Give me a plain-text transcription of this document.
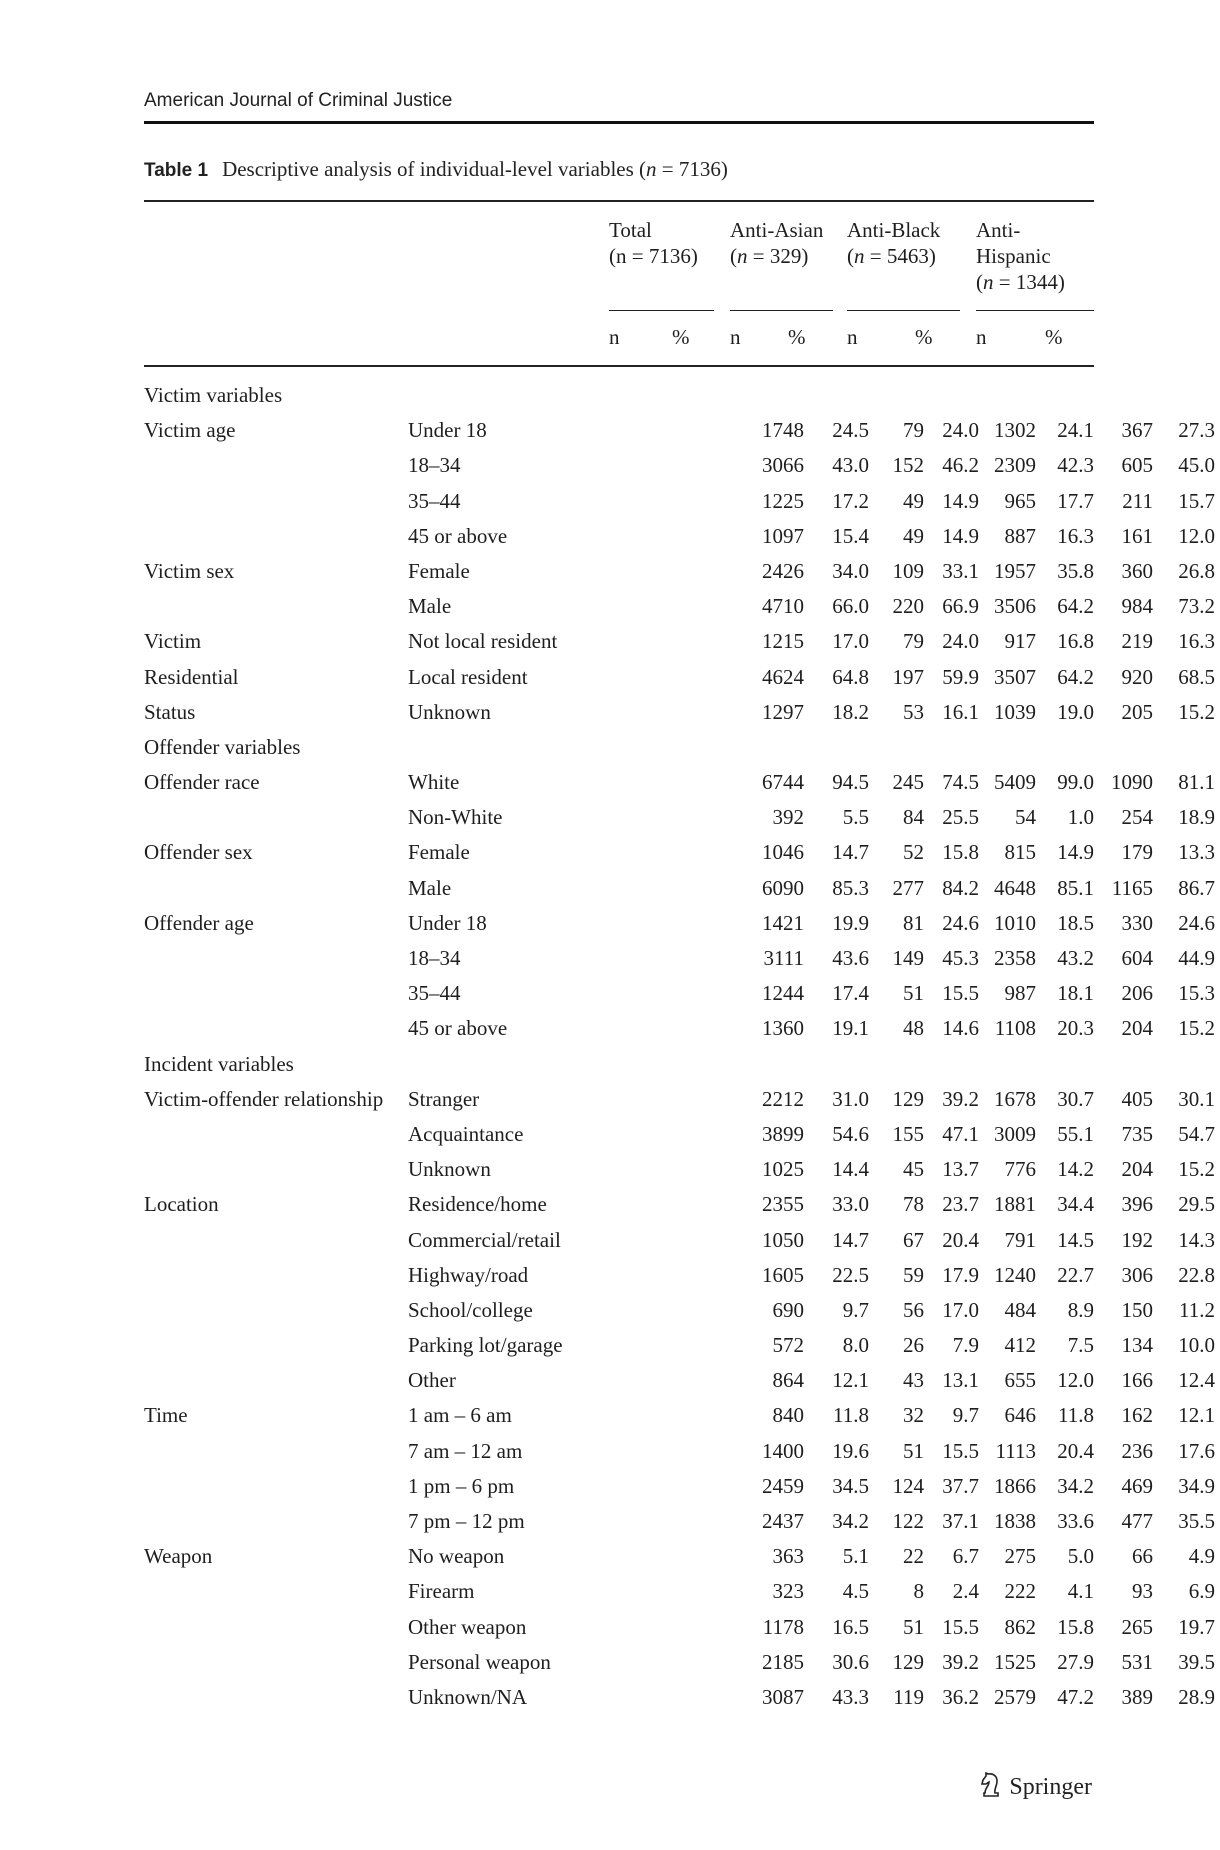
American Journal of Criminal Justice
Table 1 Descriptive analysis of individual-level variables (n = 7136)
Total
(n = 7136)
Anti-Asian
(n = 329)
Anti-Black
(n = 5463)
Anti-
Hispanic
(n = 1344)
n	% n % n	% n	%
Victim variables
Victim age	Under 18	1748 24.5 79 24.0 1302 24.1 367 27.3
18–34	3066 43.0 152 46.2 2309 42.3 605 45.0
35–44	1225 17.2 49 14.9 965 17.7 211 15.7
45 or above	1097 15.4 49 14.9 887 16.3 161 12.0
Victim sex	Female	2426 34.0 109 33.1 1957 35.8 360 26.8
Male	4710 66.0 220 66.9 3506 64.2 984 73.2
Victim	Not local resident	1215 17.0 79 24.0 917 16.8 219 16.3
Residential	Local resident	4624 64.8 197 59.9 3507 64.2 920 68.5
Status	Unknown	1297 18.2 53 16.1 1039 19.0 205 15.2
Offender variables
Offender race	White	6744 94.5 245 74.5 5409 99.0 1090 81.1
Non-White	392 5.5 84 25.5 54 1.0 254 18.9
Offender sex	Female	1046 14.7 52 15.8 815 14.9 179 13.3
Male	6090 85.3 277 84.2 4648 85.1 1165 86.7
Offender age	Under 18	1421 19.9 81 24.6 1010 18.5 330 24.6
18–34	3111 43.6 149 45.3 2358 43.2 604 44.9
35–44	1244 17.4 51 15.5 987 18.1 206 15.3
45 or above	1360 19.1 48 14.6 1108 20.3 204 15.2
Incident variables
Victim-offender relationship Stranger	2212 31.0 129 39.2 1678 30.7 405 30.1
Acquaintance	3899 54.6 155 47.1 3009 55.1 735 54.7
Unknown	1025 14.4 45 13.7 776 14.2 204 15.2
Location	Residence/home	2355 33.0 78 23.7 1881 34.4 396 29.5
Commercial/retail	1050 14.7 67 20.4 791 14.5 192 14.3
Highway/road	1605 22.5 59 17.9 1240 22.7 306 22.8
School/college	690 9.7 56 17.0 484 8.9 150 11.2
Parking lot/garage	572 8.0 26 7.9 412 7.5 134 10.0
Other	864 12.1 43 13.1 655 12.0 166 12.4
Time	1 am – 6 am	840 11.8 32 9.7 646 11.8 162 12.1
7 am – 12 am	1400 19.6 51 15.5 1113 20.4 236 17.6
1 pm – 6 pm	2459 34.5 124 37.7 1866 34.2 469 34.9
7 pm – 12 pm	2437 34.2 122 37.1 1838 33.6 477 35.5
Weapon	No weapon	363 5.1 22 6.7 275 5.0 66 4.9
Firearm	323 4.5 8 2.4 222 4.1 93 6.9
Other weapon	1178 16.5 51 15.5 862 15.8 265 19.7
Personal weapon	2185 30.6 129 39.2 1525 27.9 531 39.5
Unknown/NA	3087 43.3 119 36.2 2579 47.2 389 28.9
Springer
